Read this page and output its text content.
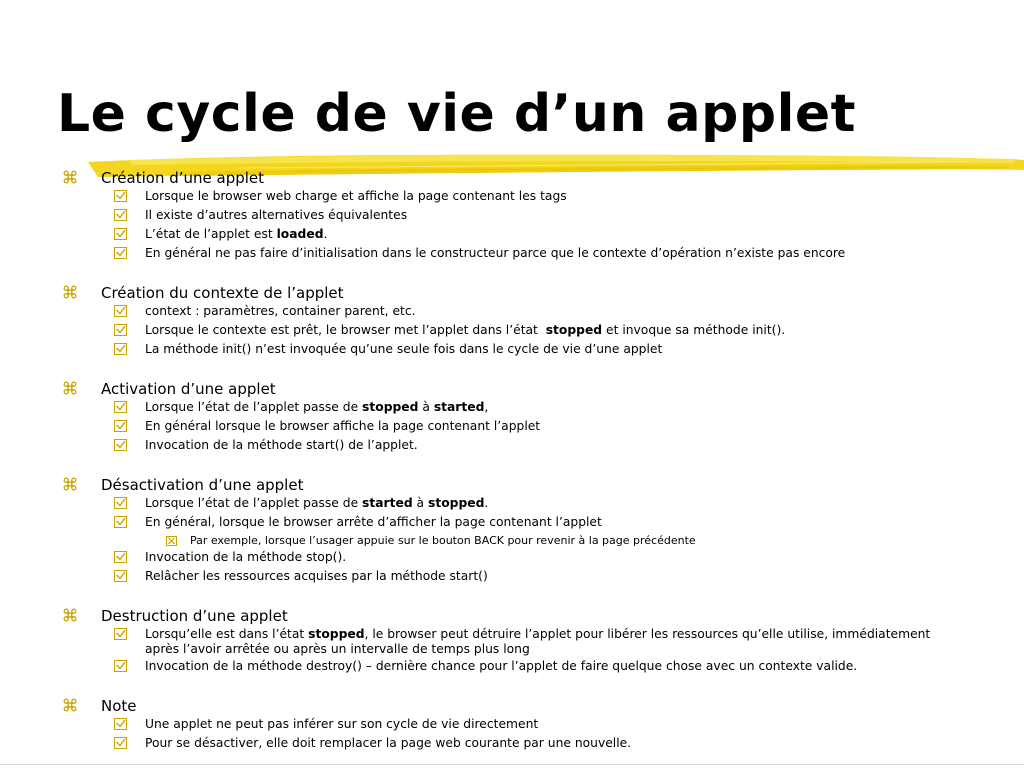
Le cycle de vie d’un applet
Création d’une applet
Lorsque le browser web charge et affiche la page contenant les tags
Il existe d’autres alternatives équivalentes
L’état de l’applet est loaded.
En général ne pas faire d’initialisation dans le constructeur parce que le contexte d’opération n’existe pas encore
Création du contexte de l’applet
context : paramètres, container parent, etc.
Lorsque le contexte est prêt, le browser met l’applet dans l’état  stopped et invoque sa méthode init().
La méthode init() n’est invoquée qu’une seule fois dans le cycle de vie d’une applet
Activation d’une applet
Lorsque l’état de l’applet passe de stopped à started,
En général lorsque le browser affiche la page contenant l’applet
Invocation de la méthode start() de l’applet.
Désactivation d’une applet
Lorsque l’état de l’applet passe de started à stopped.
En général, lorsque le browser arrête d’afficher la page contenant l’applet
Par exemple, lorsque l’usager appuie sur le bouton BACK pour revenir à la page précédente
Invocation de la méthode stop().
Relâcher les ressources acquises par la méthode start()
Destruction d’une applet
Lorsqu’elle est dans l’état stopped, le browser peut détruire l’applet pour libérer les ressources qu’elle utilise, immédiatement après l’avoir arrêtée ou après un intervalle de temps plus long
Invocation de la méthode destroy() – dernière chance pour l’applet de faire quelque chose avec un contexte valide.
Note
Une applet ne peut pas inférer sur son cycle de vie directement
Pour se désactiver, elle doit remplacer la page web courante par une nouvelle.
